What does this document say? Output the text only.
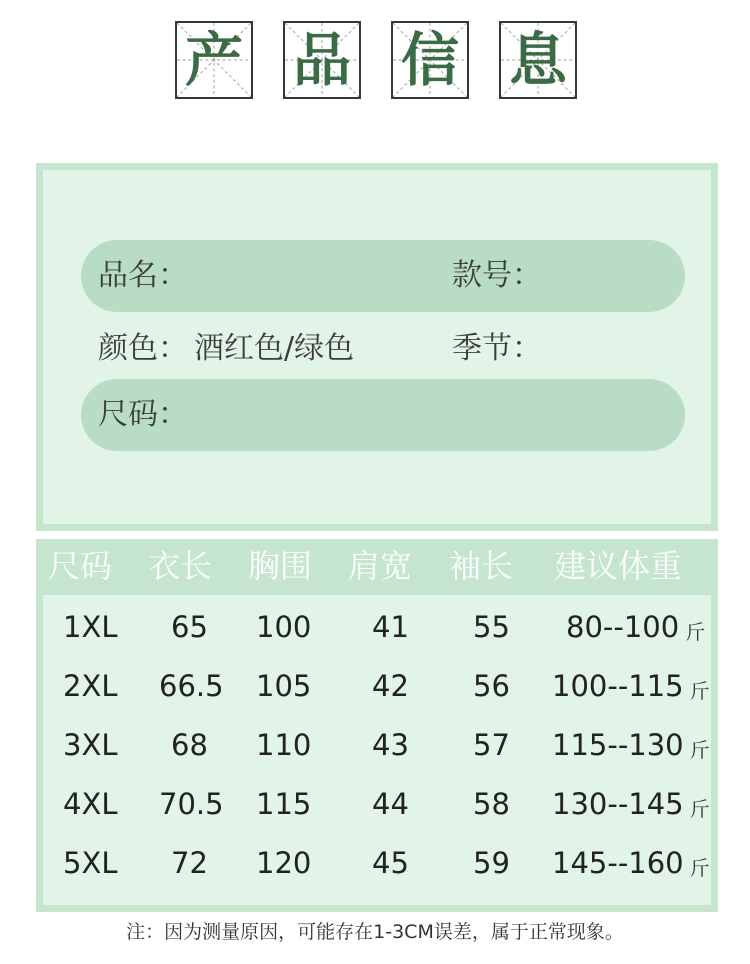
产 品 信 息
品名：	款号：
颜色： 酒红色/绿色	季节：
尺码：
尺码 衣长 胸围 肩宽 袖长 建议体重
1XL 65 100 41 55 80--100 斤
2XL 66.5 105 42 56 100--115 斤
3XL 68 110 43 57 115--130 斤
4XL 70.5 115 44 58 130--145 斤
5XL 72 120 45 59 145--160 斤
注：因为测量原因，可能存在1-3CM误差，属于正常现象。
